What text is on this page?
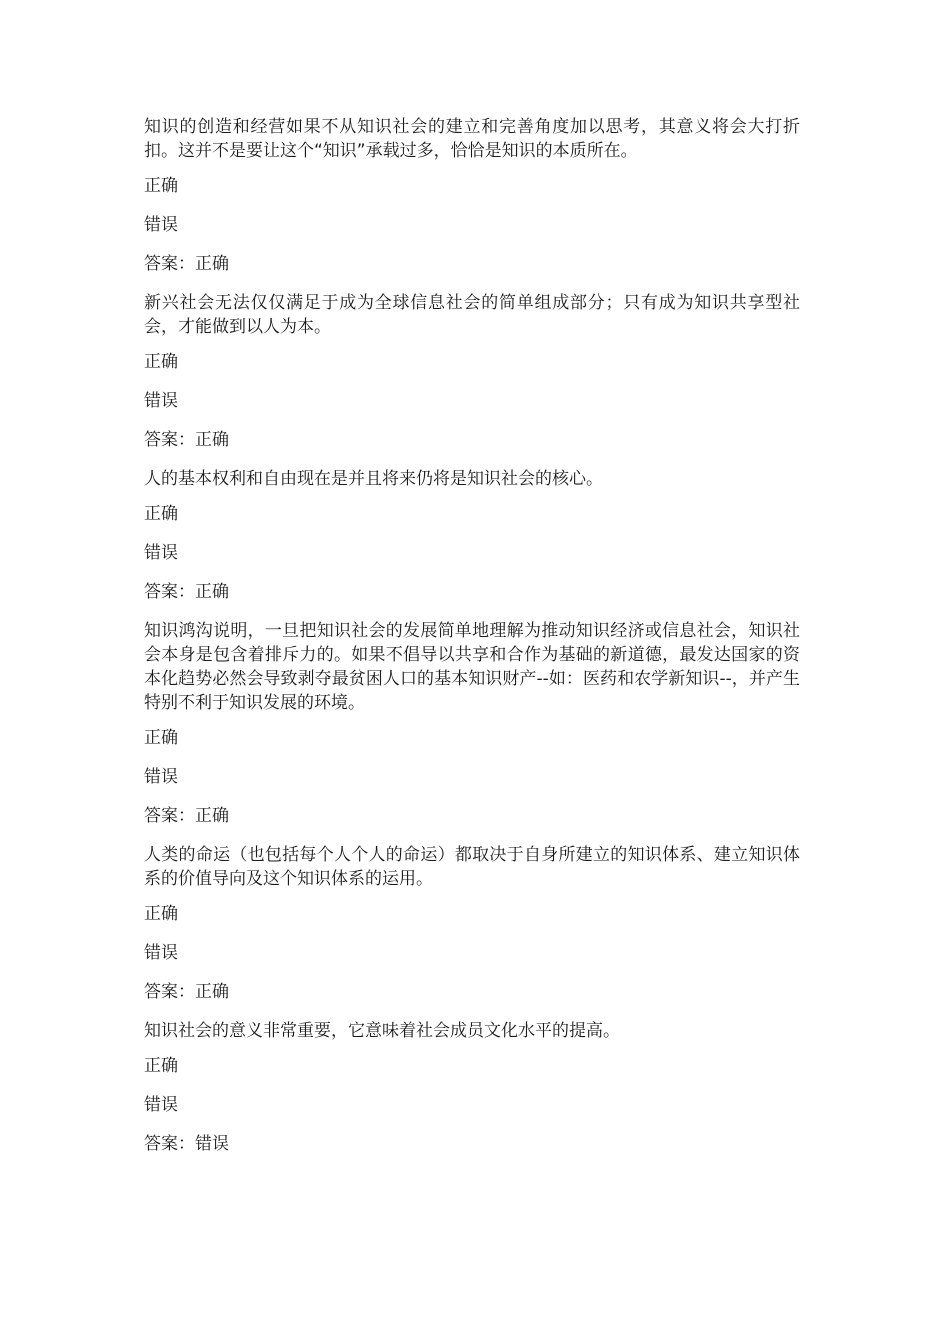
知识的创造和经营如果不从知识社会的建立和完善角度加以思考，其意义将会大打折扣。这并不是要让这个“知识”承载过多，恰恰是知识的本质所在。

正确

错误

答案：正确

新兴社会无法仅仅满足于成为全球信息社会的简单组成部分；只有成为知识共享型社会，才能做到以人为本。

正确

错误

答案：正确

人的基本权利和自由现在是并且将来仍将是知识社会的核心。

正确

错误

答案：正确

知识鸿沟说明，一旦把知识社会的发展简单地理解为推动知识经济或信息社会，知识社会本身是包含着排斥力的。如果不倡导以共享和合作为基础的新道德，最发达国家的资本化趋势必然会导致剥夺最贫困人口的基本知识财产--如：医药和农学新知识--，并产生特别不利于知识发展的环境。

正确

错误

答案：正确

人类的命运（也包括每个人个人的命运）都取决于自身所建立的知识体系、建立知识体系的价值导向及这个知识体系的运用。

正确

错误

答案：正确

知识社会的意义非常重要，它意味着社会成员文化水平的提高。

正确

错误

答案：错误
